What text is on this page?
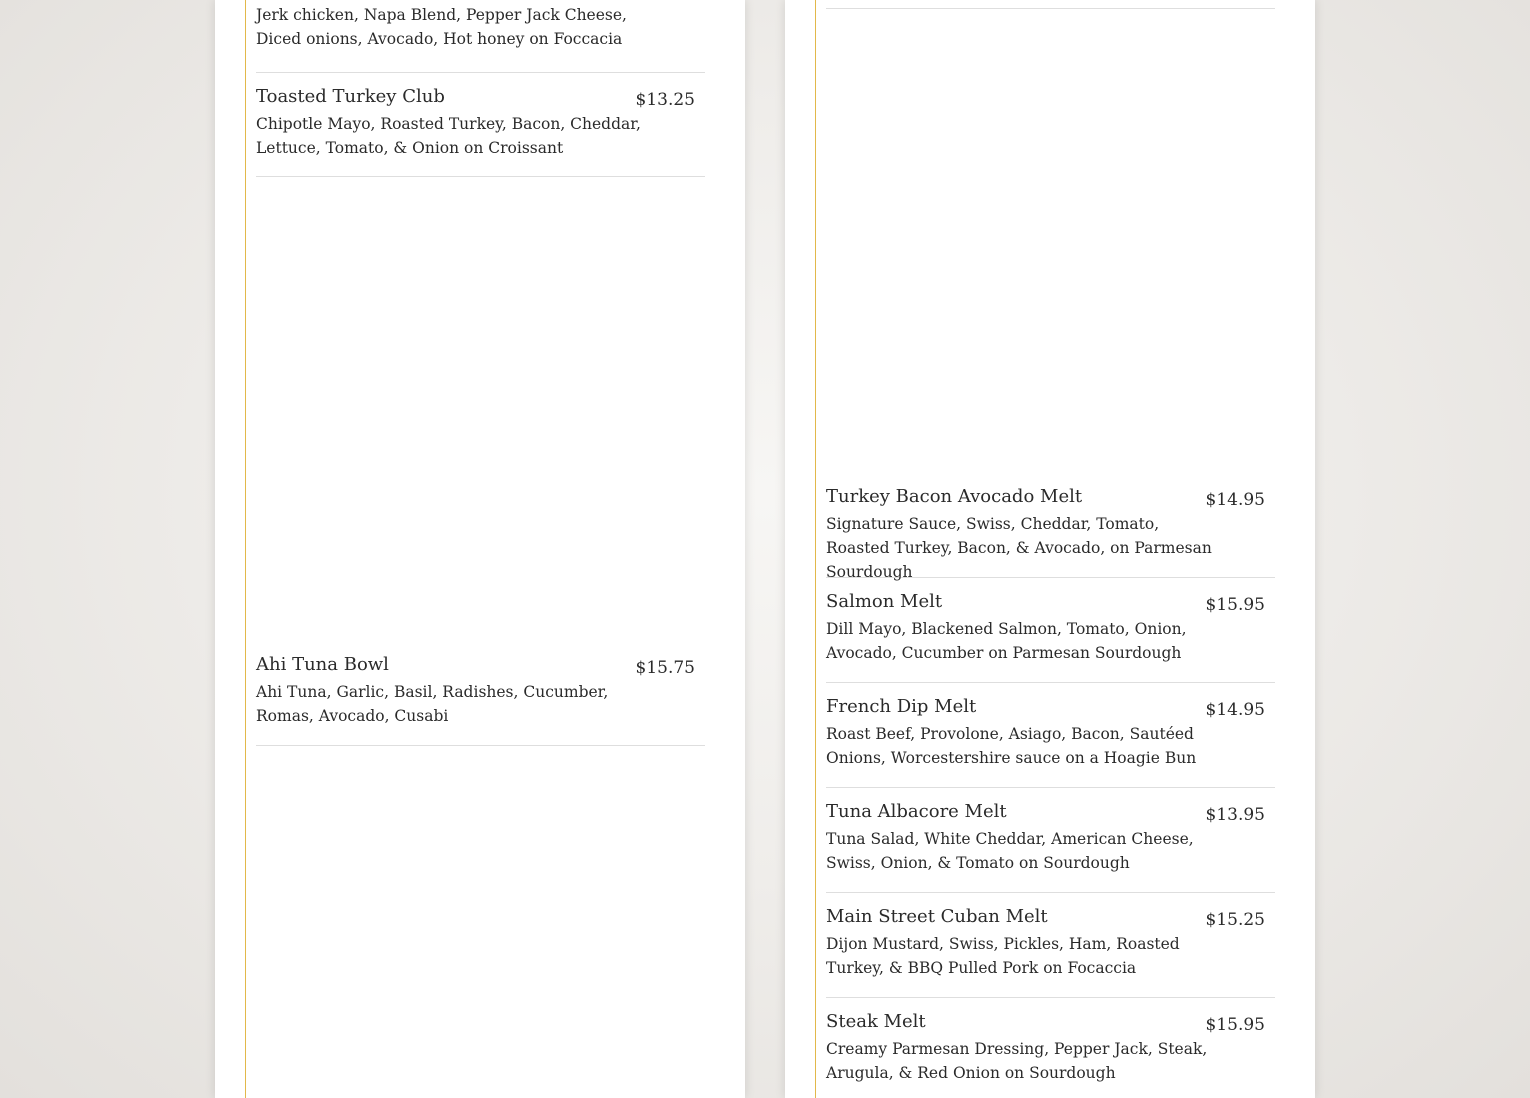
Jerk chicken, Napa Blend, Pepper Jack Cheese, Diced onions, Avocado, Hot honey on Foccacia
Toasted Turkey Club	$13.25
Chipotle Mayo, Roasted Turkey, Bacon, Cheddar, Lettuce, Tomato, & Onion on Croissant
Ahi Tuna Bowl	$15.75
Ahi Tuna, Garlic, Basil, Radishes, Cucumber, Romas, Avocado, Cusabi
Turkey Bacon Avocado Melt	$14.95
Signature Sauce, Swiss, Cheddar, Tomato, Roasted Turkey, Bacon, & Avocado, on Parmesan Sourdough
Salmon Melt	$15.95
Dill Mayo, Blackened Salmon, Tomato, Onion, Avocado, Cucumber on Parmesan Sourdough
French Dip Melt	$14.95
Roast Beef, Provolone, Asiago, Bacon, Sautéed Onions, Worcestershire sauce on a Hoagie Bun
Tuna Albacore Melt	$13.95
Tuna Salad, White Cheddar, American Cheese, Swiss, Onion, & Tomato on Sourdough
Main Street Cuban Melt	$15.25
Dijon Mustard, Swiss, Pickles, Ham, Roasted Turkey, & BBQ Pulled Pork on Focaccia
Steak Melt	$15.95
Creamy Parmesan Dressing, Pepper Jack, Steak, Arugula, & Red Onion on Sourdough
